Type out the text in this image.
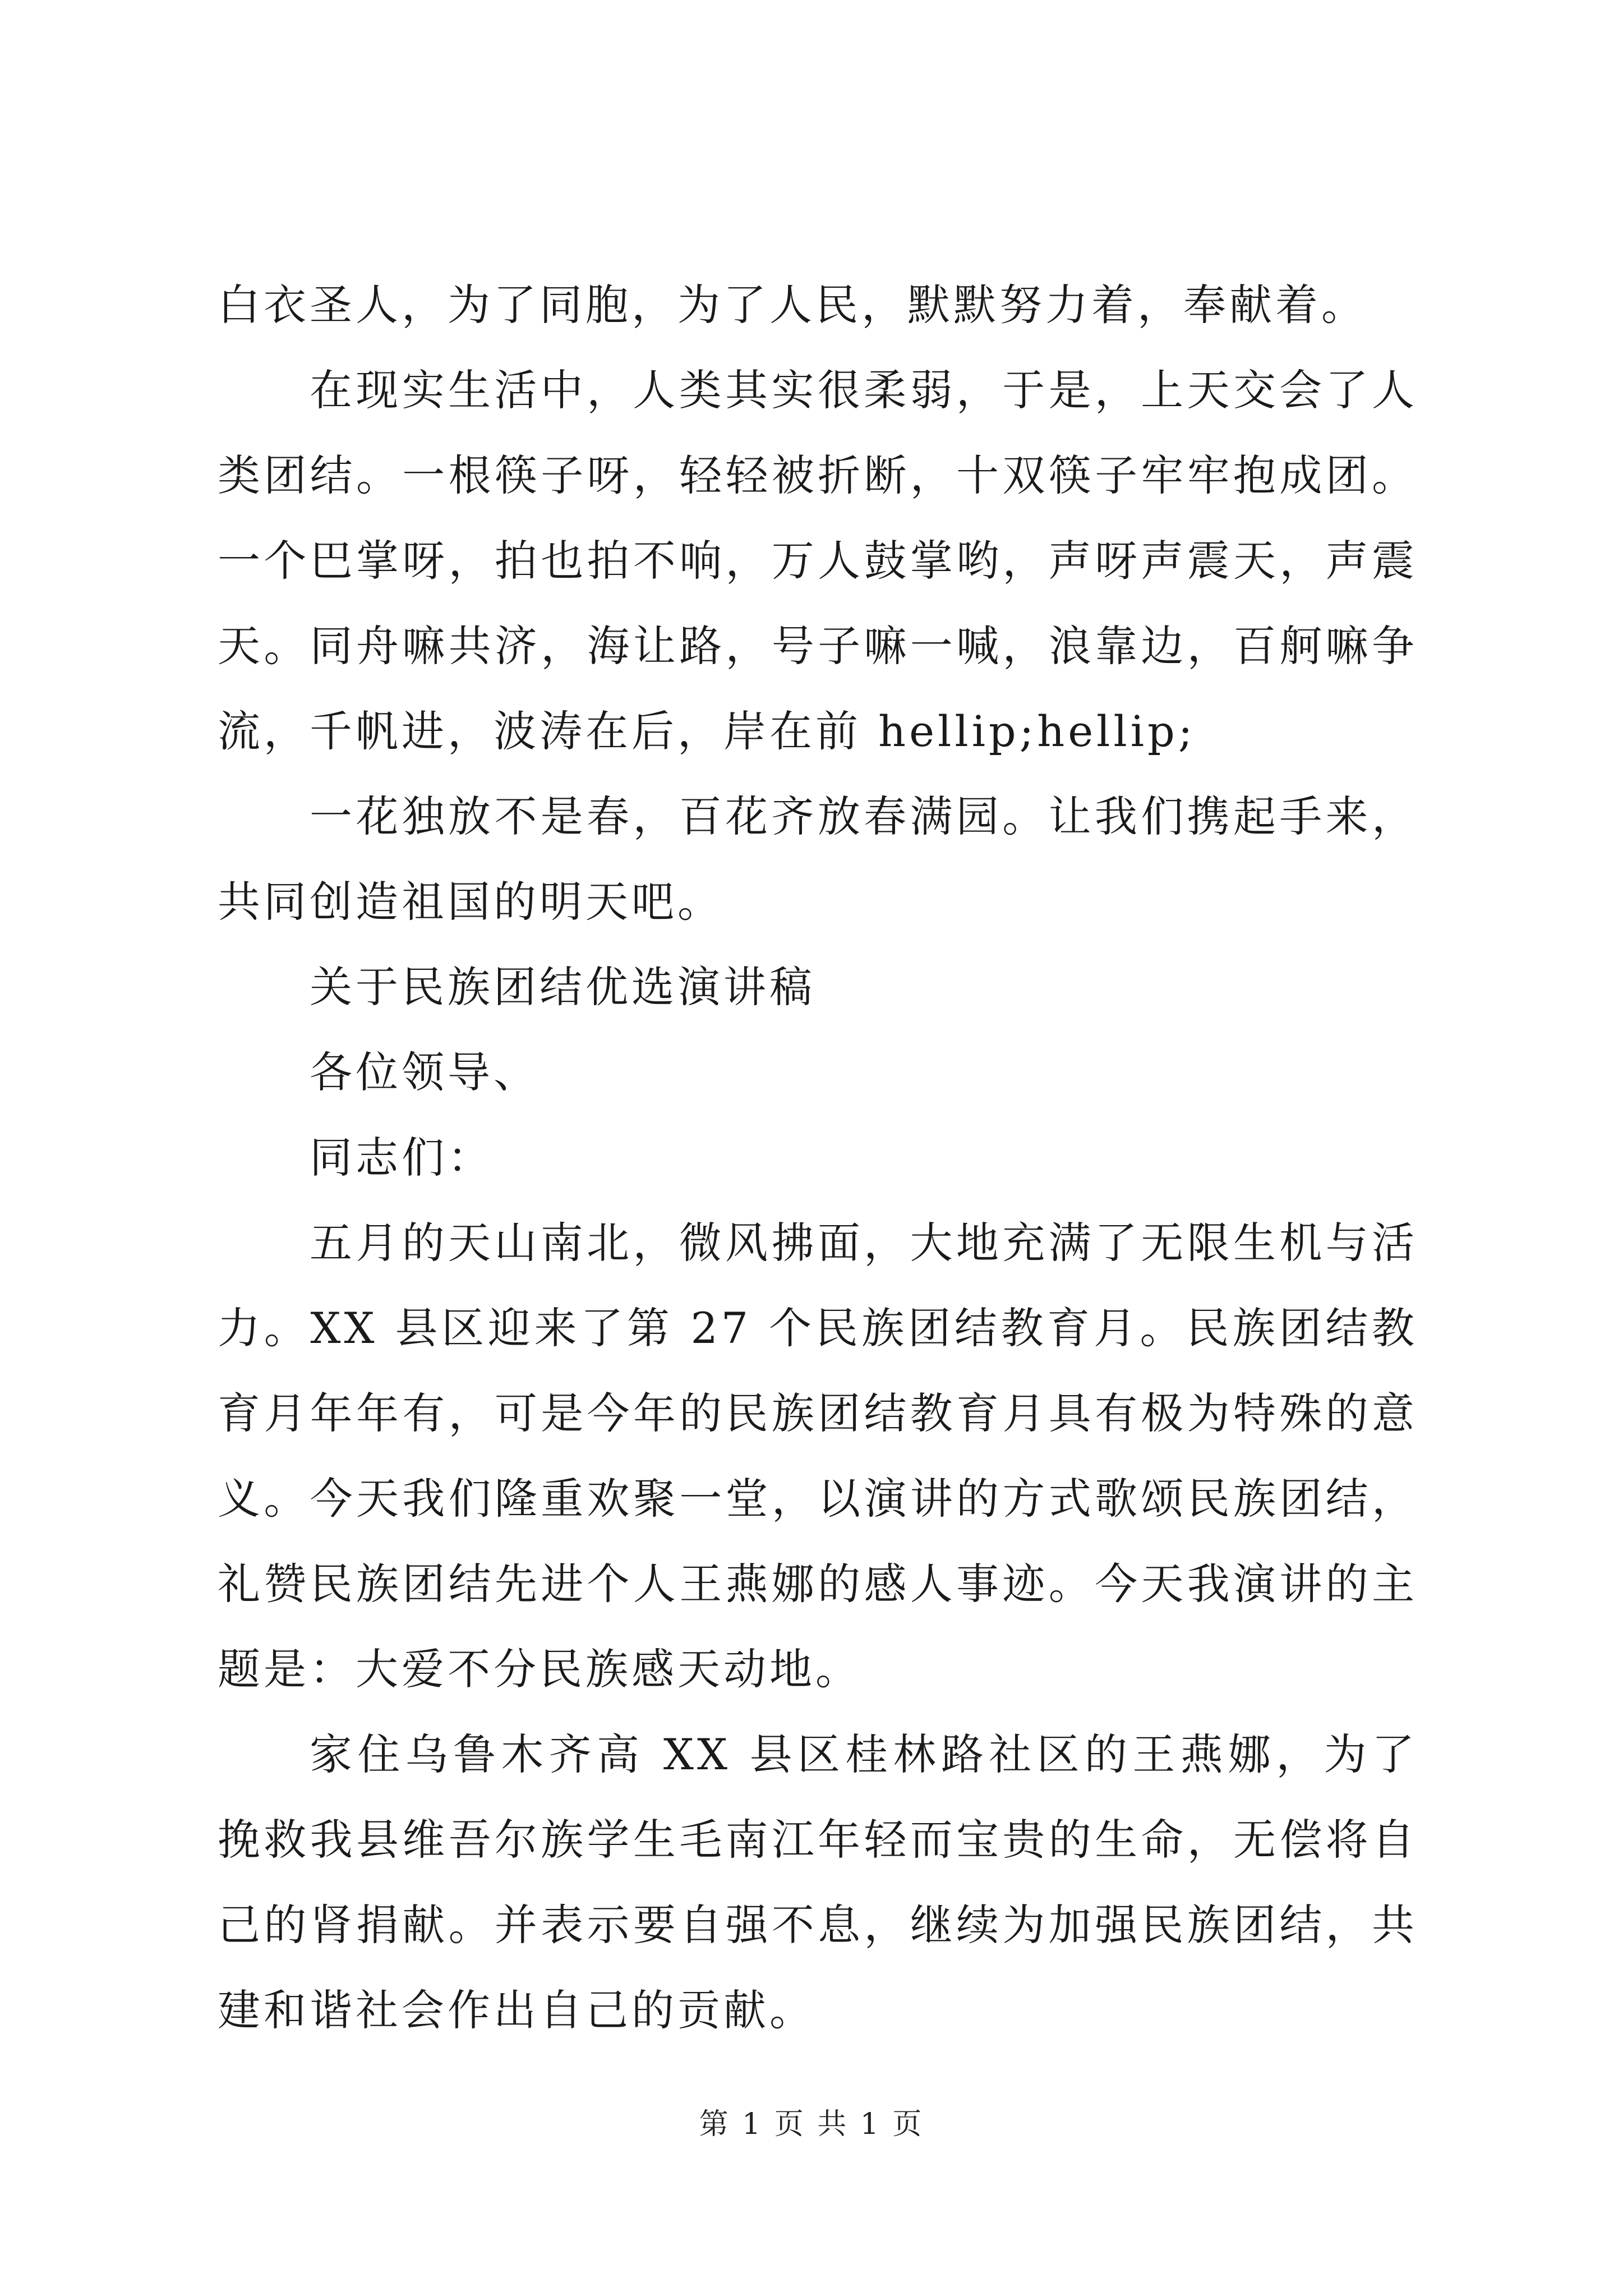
白衣圣人，为了同胞，为了人民，默默努力着，奉献着。

在现实生活中，人类其实很柔弱，于是，上天交会了人类团结。一根筷子呀，轻轻被折断，十双筷子牢牢抱成团。一个巴掌呀，拍也拍不响，万人鼓掌哟，声呀声震天，声震天。同舟嘛共济，海让路，号子嘛一喊，浪靠边，百舸嘛争流，千帆进，波涛在后，岸在前 hellip;hellip;

一花独放不是春，百花齐放春满园。让我们携起手来，共同创造祖国的明天吧。

关于民族团结优选演讲稿

各位领导、

同志们：

五月的天山南北，微风拂面，大地充满了无限生机与活力。XX 县区迎来了第 27 个民族团结教育月。民族团结教育月年年有，可是今年的民族团结教育月具有极为特殊的意义。今天我们隆重欢聚一堂，以演讲的方式歌颂民族团结，礼赞民族团结先进个人王燕娜的感人事迹。今天我演讲的主题是：大爱不分民族感天动地。

家住乌鲁木齐高 XX 县区桂林路社区的王燕娜，为了挽救我县维吾尔族学生毛南江年轻而宝贵的生命，无偿将自己的肾捐献。并表示要自强不息，继续为加强民族团结，共建和谐社会作出自己的贡献。

第 1 页 共 1 页
